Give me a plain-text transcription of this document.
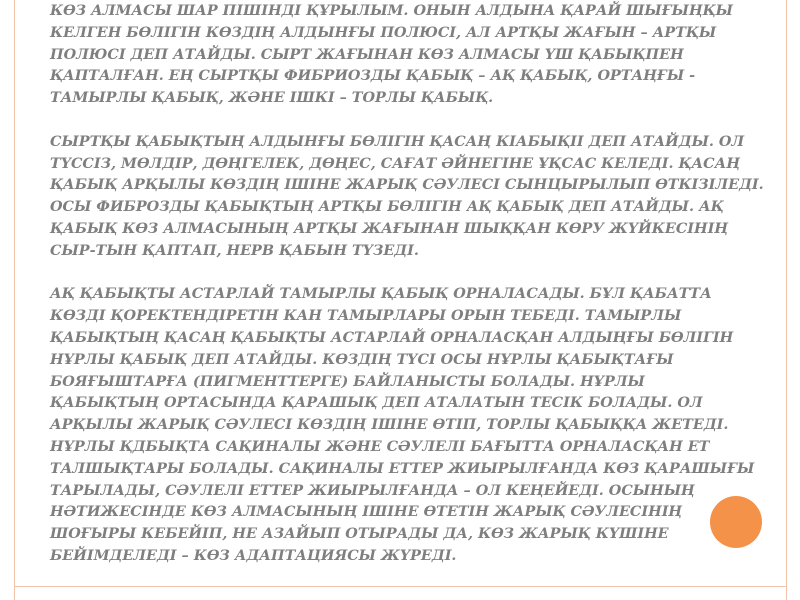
КӨЗ АЛМАСЫ ШАР ПІШІНДІ ҚҰРЫЛЫМ. ОНЫН АЛДЫНА ҚАРАЙ ШЫҒЫҢҚЫ
КЕЛГЕН БӨЛІГІН КӨЗДІҢ АЛДЫНҒЫ ПОЛЮСІ, АЛ АРТҚЫ ЖАҒЫН – АРТҚЫ
ПОЛЮСІ ДЕП АТАЙДЫ. СЫРТ ЖАҒЫНАН КӨЗ АЛМАСЫ ҮШ ҚАБЫҚПЕН
ҚАПТАЛҒАН. ЕҢ СЫРТҚЫ ФИБРИОЗДЫ ҚАБЫҚ – АҚ ҚАБЫҚ, ОРТАҢҒЫ -
ТАМЫРЛЫ ҚАБЫҚ, ЖӘНЕ ІШКІ – ТОРЛЫ ҚАБЫҚ.
СЫРТҚЫ ҚАБЫҚТЫҢ АЛДЫНҒЫ БӨЛІГІН ҚАСАҢ КІАБЫҚІІ ДЕП АТАЙДЫ. ОЛ
ТҮССІЗ, МӨЛДІР, ДӨҢГЕЛЕК, ДӨҢЕС, САҒАТ ӘЙНЕГІНЕ ҰҚСАС КЕЛЕДІ. ҚАСАҢ
ҚАБЫҚ АРҚЫЛЫ КӨЗДІҢ ІШІНЕ ЖАРЫҚ СӘУЛЕСІ СЫНЦЫРЫЛЫП ӨТКІЗІЛЕДІ.
ОСЫ ФИБРОЗДЫ ҚАБЫҚТЫҢ АРТҚЫ БӨЛІГІН АҚ ҚАБЫҚ ДЕП АТАЙДЫ. АҚ
ҚАБЫҚ КӨЗ АЛМАСЫНЫҢ АРТҚЫ ЖАҒЫНАН ШЫҚҚАН КӨРУ ЖҮЙКЕСІНІҢ
СЫР-ТЫН ҚАПТАП, НЕРВ ҚАБЫН ТҮЗЕДІ.
АҚ ҚАБЫҚТЫ АСТАРЛАЙ ТАМЫРЛЫ ҚАБЫҚ ОРНАЛАСАДЫ. БҰЛ ҚАБАТТА
КӨЗДІ ҚОРЕКТЕНДІРЕТІН КАН ТАМЫРЛАРЫ ОРЫН ТЕБЕДІ. ТАМЫРЛЫ
ҚАБЫҚТЫҢ ҚАСАҢ ҚАБЫҚТЫ АСТАРЛАЙ ОРНАЛАСҚАН АЛДЫҢҒЫ БӨЛІГІН
НҰРЛЫ ҚАБЫҚ ДЕП АТАЙДЫ. КӨЗДІҢ ТҮСІ ОСЫ НҰРЛЫ ҚАБЫҚТАҒЫ
БОЯҒЫШТАРҒА (ПИГМЕНТТЕРГЕ) БАЙЛАНЫСТЫ БОЛАДЫ. НҰРЛЫ
ҚАБЫҚТЫҢ ОРТАСЫНДА ҚАРАШЫҚ ДЕП АТАЛАТЫН ТЕСІК БОЛАДЫ. ОЛ
АРҚЫЛЫ ЖАРЫҚ СӘУЛЕСІ КӨЗДІҢ ІШІНЕ ӨТІП, ТОРЛЫ ҚАБЫҚҚА ЖЕТЕДІ.
НҰРЛЫ ҚДБЫҚТА САҚИНАЛЫ ЖӘНЕ СӘУЛЕЛІ БАҒЫТТА ОРНАЛАСҚАН ЕТ
ТАЛШЫҚТАРЫ БОЛАДЫ. САҚИНАЛЫ ЕТТЕР ЖИЫРЫЛҒАНДА КӨЗ ҚАРАШЫҒЫ
ТАРЫЛАДЫ, СӘУЛЕЛІ ЕТТЕР ЖИЫРЫЛҒАНДА – ОЛ КЕҢЕЙЕДІ. ОСЫНЫҢ
НӘТИЖЕСІНДЕ КӨЗ АЛМАСЫНЫҢ ІШІНЕ ӨТЕТІН ЖАРЫҚ СӘУЛЕСІНІҢ
ШОҒЫРЫ КЕБЕЙІП, НЕ АЗАЙЫП ОТЫРАДЫ ДА, КӨЗ ЖАРЫҚ КҮШІНЕ
БЕЙІМДЕЛЕДІ – КӨЗ АДАПТАЦИЯСЫ ЖҮРЕДІ.
